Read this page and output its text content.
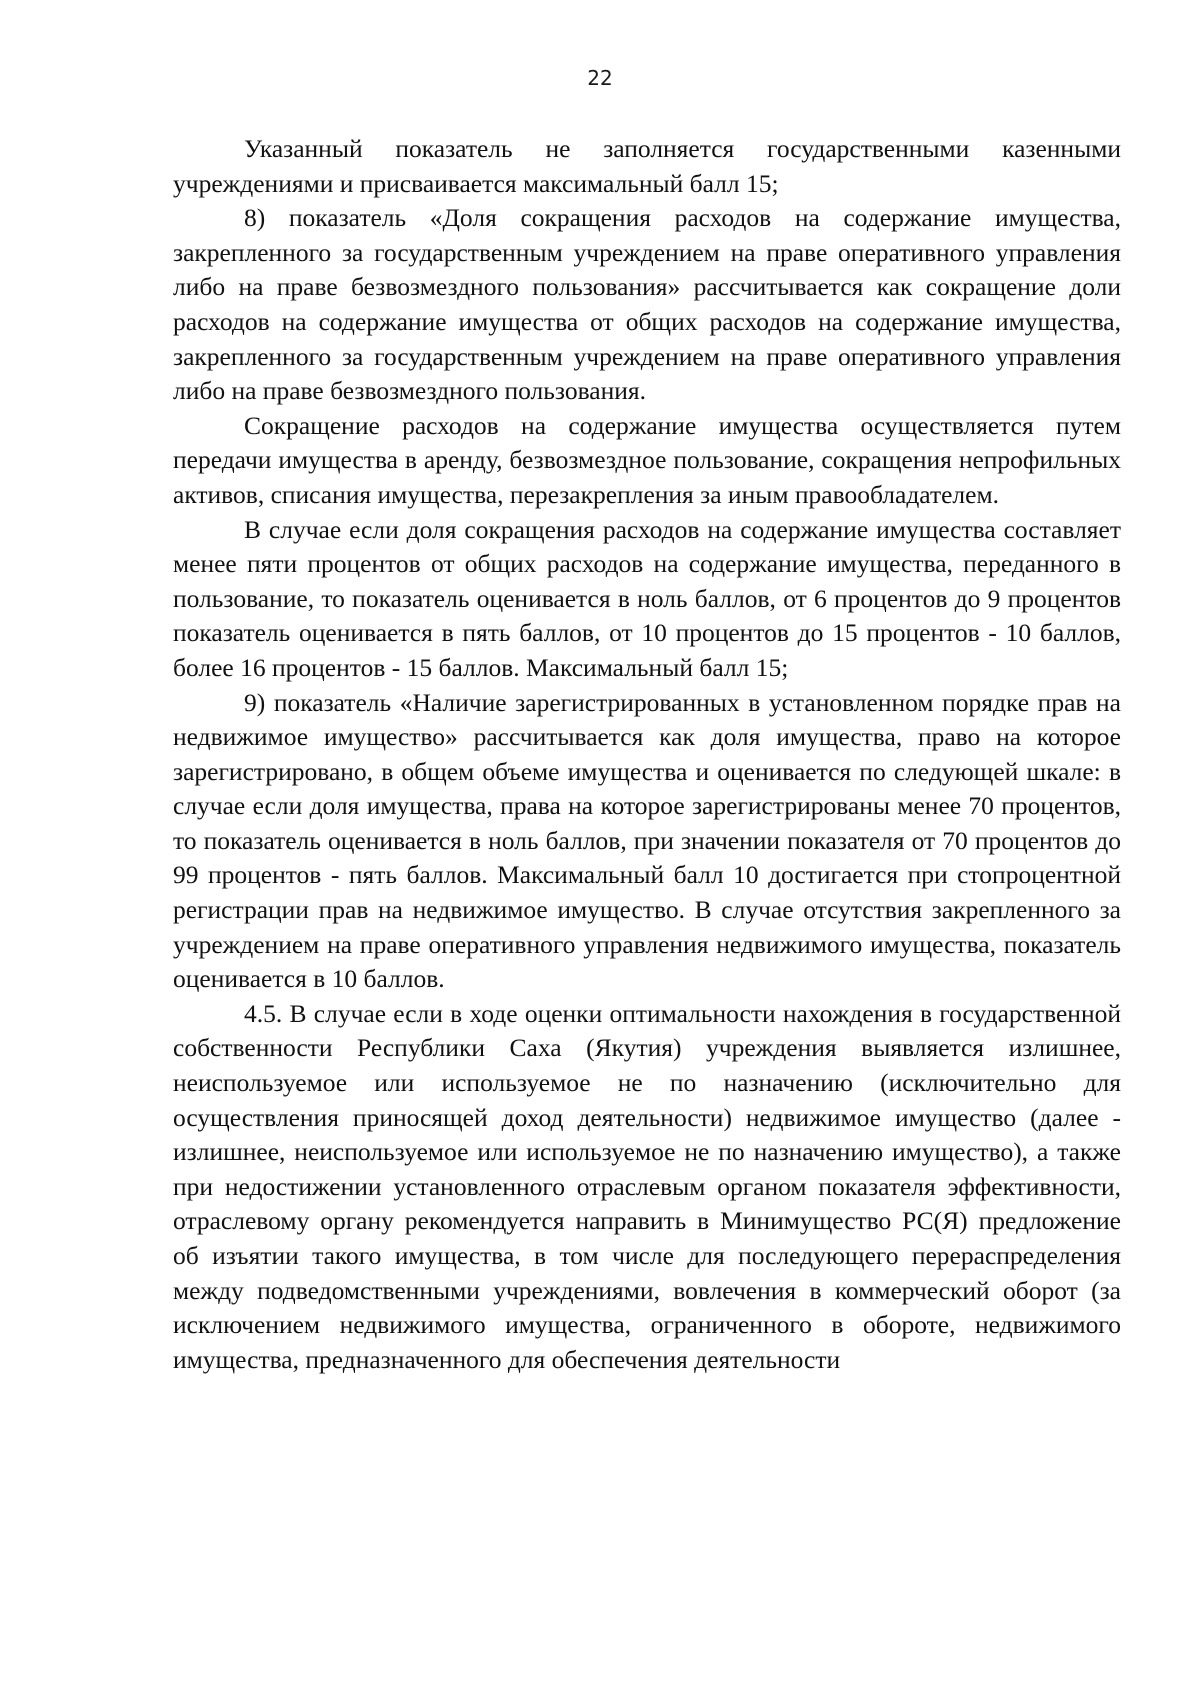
22

Указанный показатель не заполняется государственными казенными учреждениями и присваивается максимальный балл 15;

8) показатель «Доля сокращения расходов на содержание имущества, закрепленного за государственным учреждением на праве оперативного управления либо на праве безвозмездного пользования» рассчитывается как сокращение доли расходов на содержание имущества от общих расходов на содержание имущества, закрепленного за государственным учреждением на праве оперативного управления либо на праве безвозмездного пользования.

Сокращение расходов на содержание имущества осуществляется путем передачи имущества в аренду, безвозмездное пользование, сокращения непрофильных активов, списания имущества, перезакрепления за иным правообладателем.

В случае если доля сокращения расходов на содержание имущества составляет менее пяти процентов от общих расходов на содержание имущества, переданного в пользование, то показатель оценивается в ноль баллов, от 6 процентов до 9 процентов показатель оценивается в пять баллов, от 10 процентов до 15 процентов - 10 баллов, более 16 процентов - 15 баллов. Максимальный балл 15;

9) показатель «Наличие зарегистрированных в установленном порядке прав на недвижимое имущество» рассчитывается как доля имущества, право на которое зарегистрировано, в общем объеме имущества и оценивается по следующей шкале: в случае если доля имущества, права на которое зарегистрированы менее 70 процентов, то показатель оценивается в ноль баллов, при значении показателя от 70 процентов до 99 процентов - пять баллов. Максимальный балл 10 достигается при стопроцентной регистрации прав на недвижимое имущество. В случае отсутствия закрепленного за учреждением на праве оперативного управления недвижимого имущества, показатель оценивается в 10 баллов.

4.5. В случае если в ходе оценки оптимальности нахождения в государственной собственности Республики Саха (Якутия) учреждения выявляется излишнее, неиспользуемое или используемое не по назначению (исключительно для осуществления приносящей доход деятельности) недвижимое имущество (далее - излишнее, неиспользуемое или используемое не по назначению имущество), а также при недостижении установленного отраслевым органом показателя эффективности, отраслевому органу рекомендуется направить в Минимущество РС(Я) предложение об изъятии такого имущества, в том числе для последующего перераспределения между подведомственными учреждениями, вовлечения в коммерческий оборот (за исключением недвижимого имущества, ограниченного в обороте, недвижимого имущества, предназначенного для обеспечения деятельности
